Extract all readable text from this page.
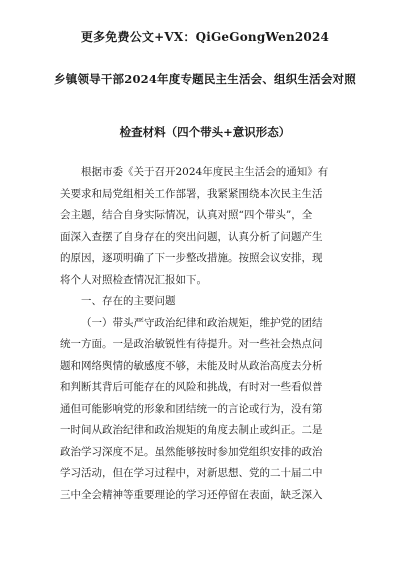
更多免费公文+VX：QiGeGongWen2024
乡镇领导干部2024年度专题民主生活会、组织生活会对照
检查材料（四个带头+意识形态）
根据市委《关于召开2024年度民主生活会的通知》有
关要求和局党组相关工作部署，我紧紧围绕本次民主生活
会主题，结合自身实际情况，认真对照“四个带头”，全
面深入查摆了自身存在的突出问题，认真分析了问题产生
的原因，逐项明确了下一步整改措施。按照会议安排，现
将个人对照检查情况汇报如下。
一、存在的主要问题
（一）带头严守政治纪律和政治规矩，维护党的团结
统一方面。一是政治敏锐性有待提升。对一些社会热点问
题和网络舆情的敏感度不够，未能及时从政治高度去分析
和判断其背后可能存在的风险和挑战，有时对一些看似普
通但可能影响党的形象和团结统一的言论或行为，没有第
一时间从政治纪律和政治规矩的角度去制止或纠正。二是
政治学习深度不足。虽然能够按时参加党组织安排的政治
学习活动，但在学习过程中，对新思想、党的二十届二中
三中全会精神等重要理论的学习还停留在表面，缺乏深入
